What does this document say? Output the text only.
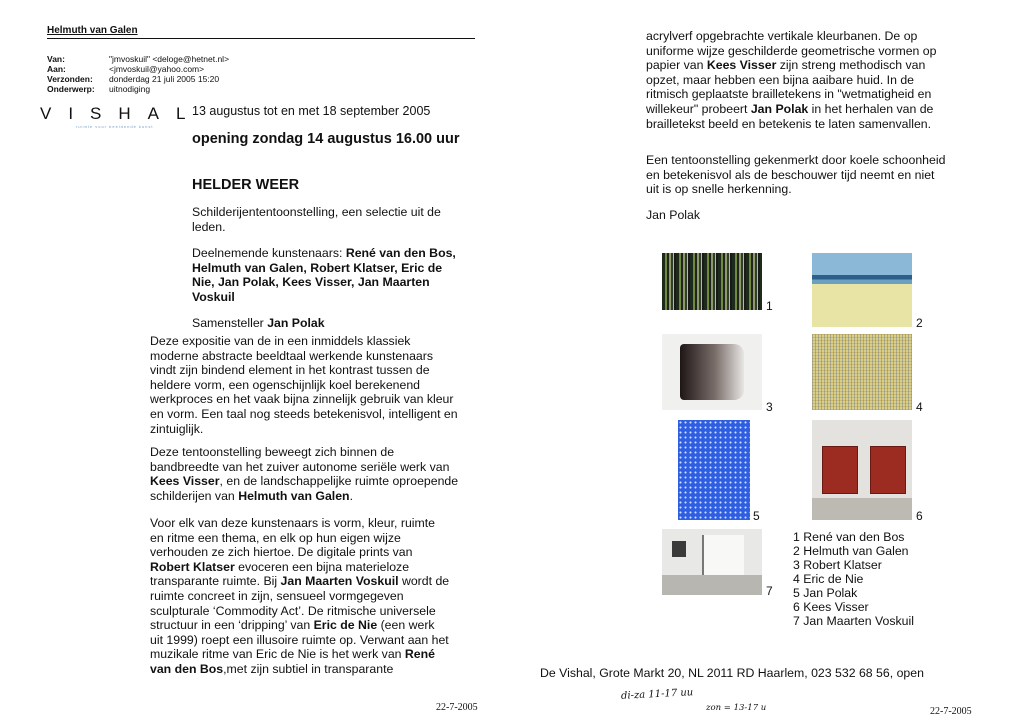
Helmuth van Galen
Van:	"jmvoskuil" <deloge@hetnet.nl>
Aan:	<jmvoskuil@yahoo.com>
Verzonden:	donderdag 21 juli 2005 15:20
Onderwerp:	uitnodiging
VISHAL
ruimte voor beeldende kunst
13 augustus tot en met 18 september 2005
opening zondag 14 augustus 16.00 uur
HELDER WEER
Schilderijententoonstelling, een selectie uit de leden.
Deelnemende kunstenaars: René van den Bos, Helmuth van Galen, Robert Klatser, Eric de Nie, Jan Polak, Kees Visser, Jan Maarten Voskuil
Samensteller Jan Polak
Deze expositie van de in een inmiddels klassiek moderne abstracte beeldtaal werkende kunstenaars vindt zijn bindend element in het kontrast tussen de heldere vorm, een ogenschijnlijk koel berekenend werkproces en het vaak bijna zinnelijk gebruik van kleur en vorm. Een taal nog steeds betekenisvol, intelligent en zintuiglijk.
Deze tentoonstelling beweegt zich binnen de bandbreedte van het zuiver autonome seriële werk van Kees Visser, en de landschappelijke ruimte oproepende schilderijen van Helmuth van Galen.
Voor elk van deze kunstenaars is vorm, kleur, ruimte en ritme een thema, en elk op hun eigen wijze verhouden ze zich hiertoe. De digitale prints van Robert Klatser evoceren een bijna materieloze transparante ruimte. Bij Jan Maarten Voskuil wordt de ruimte concreet in zijn, sensueel vormgegeven sculpturale ‘Commodity Act’. De ritmische universele structuur in een ‘dripping’ van Eric de Nie (een werk uit 1999) roept een illusoire ruimte op. Verwant aan het muzikale ritme van Eric de Nie is het werk van René van den Bos,met zijn subtiel in transparante
22-7-2005
acrylverf opgebrachte vertikale kleurbanen. De op uniforme wijze geschilderde geometrische vormen op papier van Kees Visser zijn streng methodisch van opzet, maar hebben een bijna aaibare huid. In de ritmisch geplaatste brailletekens in "wetmatigheid en willekeur" probeert Jan Polak in het herhalen van de brailletekst beeld en betekenis te laten samenvallen.
Een tentoonstelling gekenmerkt door koele schoonheid en betekenisvol als de beschouwer tijd neemt en niet uit is op snelle herkenning.
Jan Polak
1
2
3	4
5	6
7
1 René van den Bos
2 Helmuth van Galen
3 Robert Klatser
4 Eric de Nie
5 Jan Polak
6 Kees Visser
7 Jan Maarten Voskuil
De Vishal, Grote Markt 20, NL 2011 RD Haarlem, 023 532 68 56, open
di-za 11-17 uu
zon = 13-17 u	22-7-2005
